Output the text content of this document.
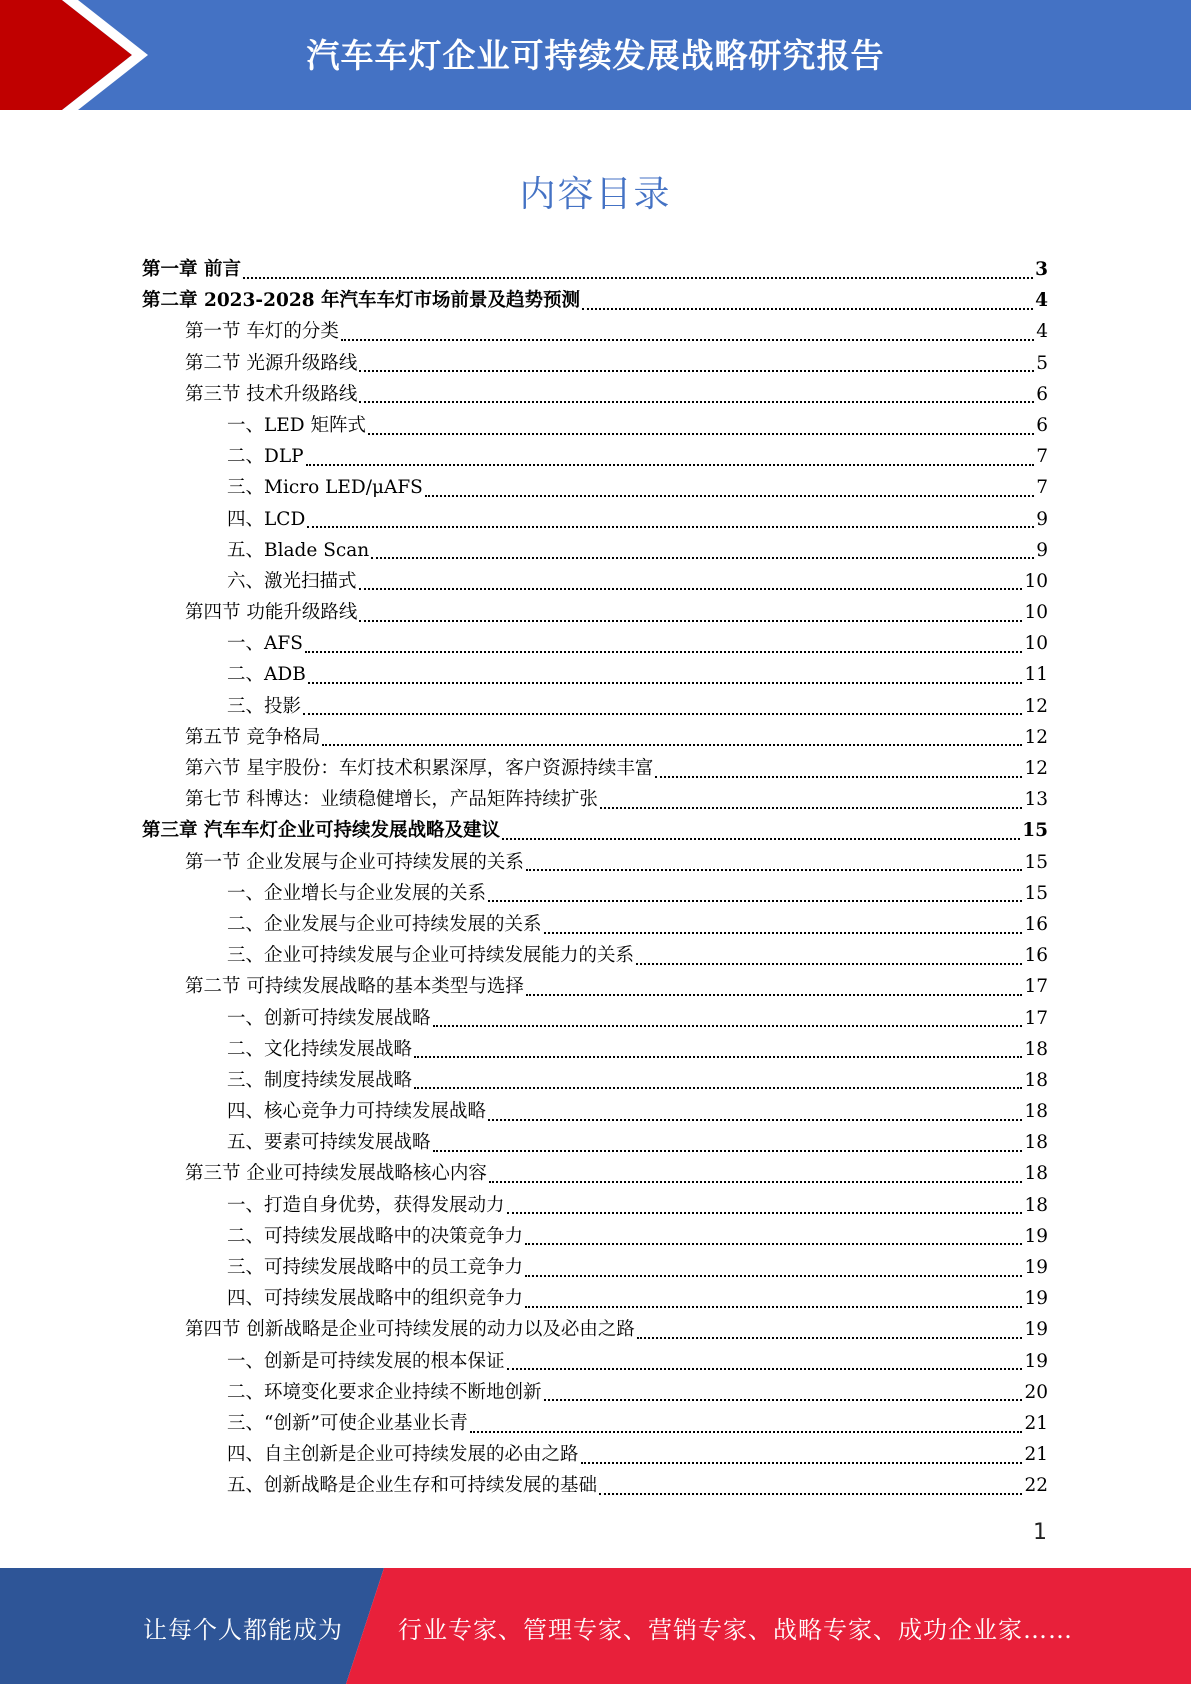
汽车车灯企业可持续发展战略研究报告
内容目录
第一章 前言	3
第二章 2023-2028 年汽车车灯市场前景及趋势预测	4
第一节 车灯的分类	4
第二节 光源升级路线	5
第三节 技术升级路线	6
一、LED 矩阵式	6
二、DLP	7
三、Micro LED/μAFS	7
四、LCD	9
五、Blade Scan	9
六、激光扫描式	10
第四节 功能升级路线	10
一、AFS	10
二、ADB	11
三、投影	12
第五节 竞争格局	12
第六节 星宇股份：车灯技术积累深厚，客户资源持续丰富	12
第七节 科博达：业绩稳健增长，产品矩阵持续扩张	13
第三章 汽车车灯企业可持续发展战略及建议	15
第一节 企业发展与企业可持续发展的关系	15
一、企业增长与企业发展的关系	15
二、企业发展与企业可持续发展的关系	16
三、企业可持续发展与企业可持续发展能力的关系	16
第二节 可持续发展战略的基本类型与选择	17
一、创新可持续发展战略	17
二、文化持续发展战略	18
三、制度持续发展战略	18
四、核心竞争力可持续发展战略	18
五、要素可持续发展战略	18
第三节 企业可持续发展战略核心内容	18
一、打造自身优势，获得发展动力	18
二、可持续发展战略中的决策竞争力	19
三、可持续发展战略中的员工竞争力	19
四、可持续发展战略中的组织竞争力	19
第四节 创新战略是企业可持续发展的动力以及必由之路	19
一、创新是可持续发展的根本保证	19
二、环境变化要求企业持续不断地创新	20
三、“创新”可使企业基业长青	21
四、自主创新是企业可持续发展的必由之路	21
五、创新战略是企业生存和可持续发展的基础	22
1
让每个人都能成为 行业专家、管理专家、营销专家、战略专家、成功企业家……
